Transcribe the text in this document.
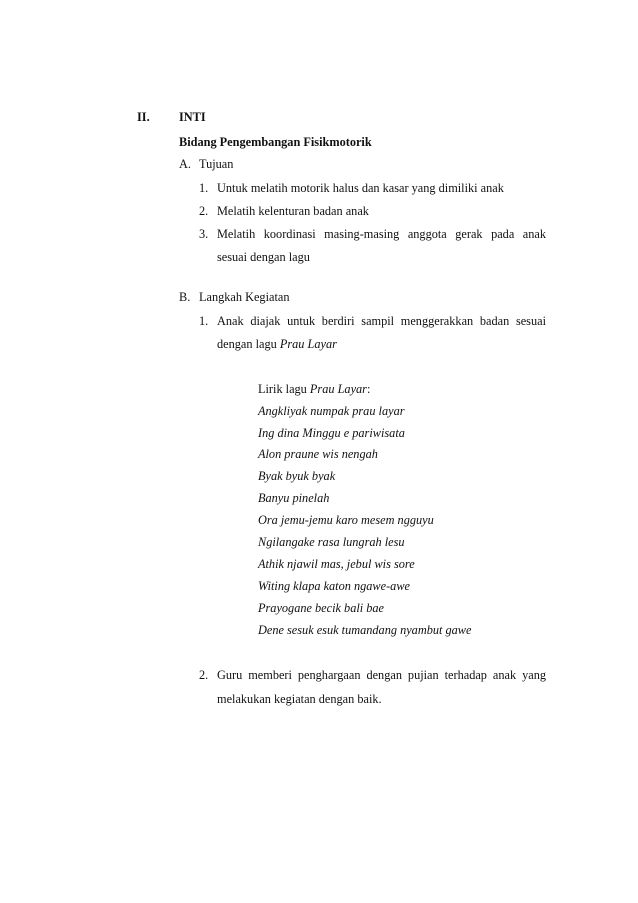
II. INTI
Bidang Pengembangan Fisikmotorik
A. Tujuan
1. Untuk melatih motorik halus dan kasar yang dimiliki anak
2. Melatih kelenturan badan anak
3. Melatih koordinasi masing-masing anggota gerak pada anak
sesuai dengan lagu
B. Langkah Kegiatan
1. Anak diajak untuk berdiri sampil menggerakkan badan sesuai
dengan lagu Prau Layar
Lirik lagu Prau Layar:
Angkliyak numpak prau layar
Ing dina Minggu e pariwisata
Alon praune wis nengah
Byak byuk byak
Banyu pinelah
Ora jemu-jemu karo mesem ngguyu
Ngilangake rasa lungrah lesu
Athik njawil mas, jebul wis sore
Witing klapa katon ngawe-awe
Prayogane becik bali bae
Dene sesuk esuk tumandang nyambut gawe
2. Guru memberi penghargaan dengan pujian terhadap anak yang
melakukan kegiatan dengan baik.
